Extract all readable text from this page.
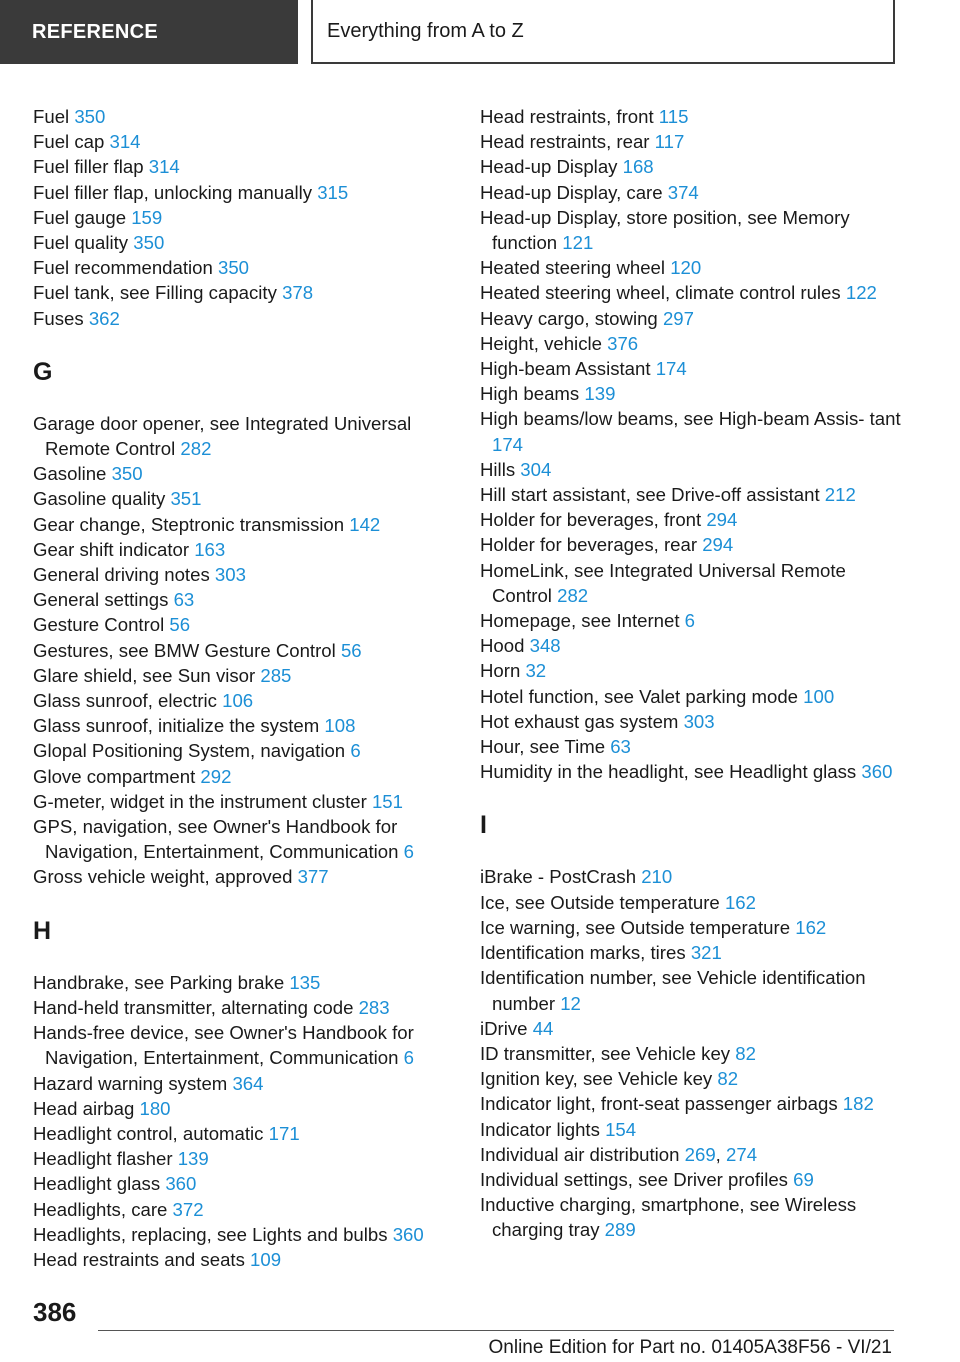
REFERENCE	Everything from A to Z
Fuel 350
Fuel cap 314
Fuel filler flap 314
Fuel filler flap, unlocking manually 315
Fuel gauge 159
Fuel quality 350
Fuel recommendation 350
Fuel tank, see Filling capacity 378
Fuses 362
G
Garage door opener, see Integrated Universal Remote Control 282
Gasoline 350
Gasoline quality 351
Gear change, Steptronic transmission 142
Gear shift indicator 163
General driving notes 303
General settings 63
Gesture Control 56
Gestures, see BMW Gesture Control 56
Glare shield, see Sun visor 285
Glass sunroof, electric 106
Glass sunroof, initialize the system 108
Glopal Positioning System, navigation 6
Glove compartment 292
G-meter, widget in the instrument cluster 151
GPS, navigation, see Owner's Handbook for Navigation, Entertainment, Communication 6
Gross vehicle weight, approved 377
H
Handbrake, see Parking brake 135
Hand-held transmitter, alternating code 283
Hands-free device, see Owner's Handbook for Navigation, Entertainment, Communication 6
Hazard warning system 364
Head airbag 180
Headlight control, automatic 171
Headlight flasher 139
Headlight glass 360
Headlights, care 372
Headlights, replacing, see Lights and bulbs 360
Head restraints and seats 109
Head restraints, front 115
Head restraints, rear 117
Head-up Display 168
Head-up Display, care 374
Head-up Display, store position, see Memory function 121
Heated steering wheel 120
Heated steering wheel, climate control rules 122
Heavy cargo, stowing 297
Height, vehicle 376
High-beam Assistant 174
High beams 139
High beams/low beams, see High-beam Assis‐ tant 174
Hills 304
Hill start assistant, see Drive-off assistant 212
Holder for beverages, front 294
Holder for beverages, rear 294
HomeLink, see Integrated Universal Remote Control 282
Homepage, see Internet 6
Hood 348
Horn 32
Hotel function, see Valet parking mode 100
Hot exhaust gas system 303
Hour, see Time 63
Humidity in the headlight, see Headlight glass 360
I
iBrake - PostCrash 210
Ice, see Outside temperature 162
Ice warning, see Outside temperature 162
Identification marks, tires 321
Identification number, see Vehicle identification number 12
iDrive 44
ID transmitter, see Vehicle key 82
Ignition key, see Vehicle key 82
Indicator light, front-seat passenger airbags 182
Indicator lights 154
Individual air distribution 269, 274
Individual settings, see Driver profiles 69
Inductive charging, smartphone, see Wireless charging tray 289
386
Online Edition for Part no. 01405A38F56 - VI/21
